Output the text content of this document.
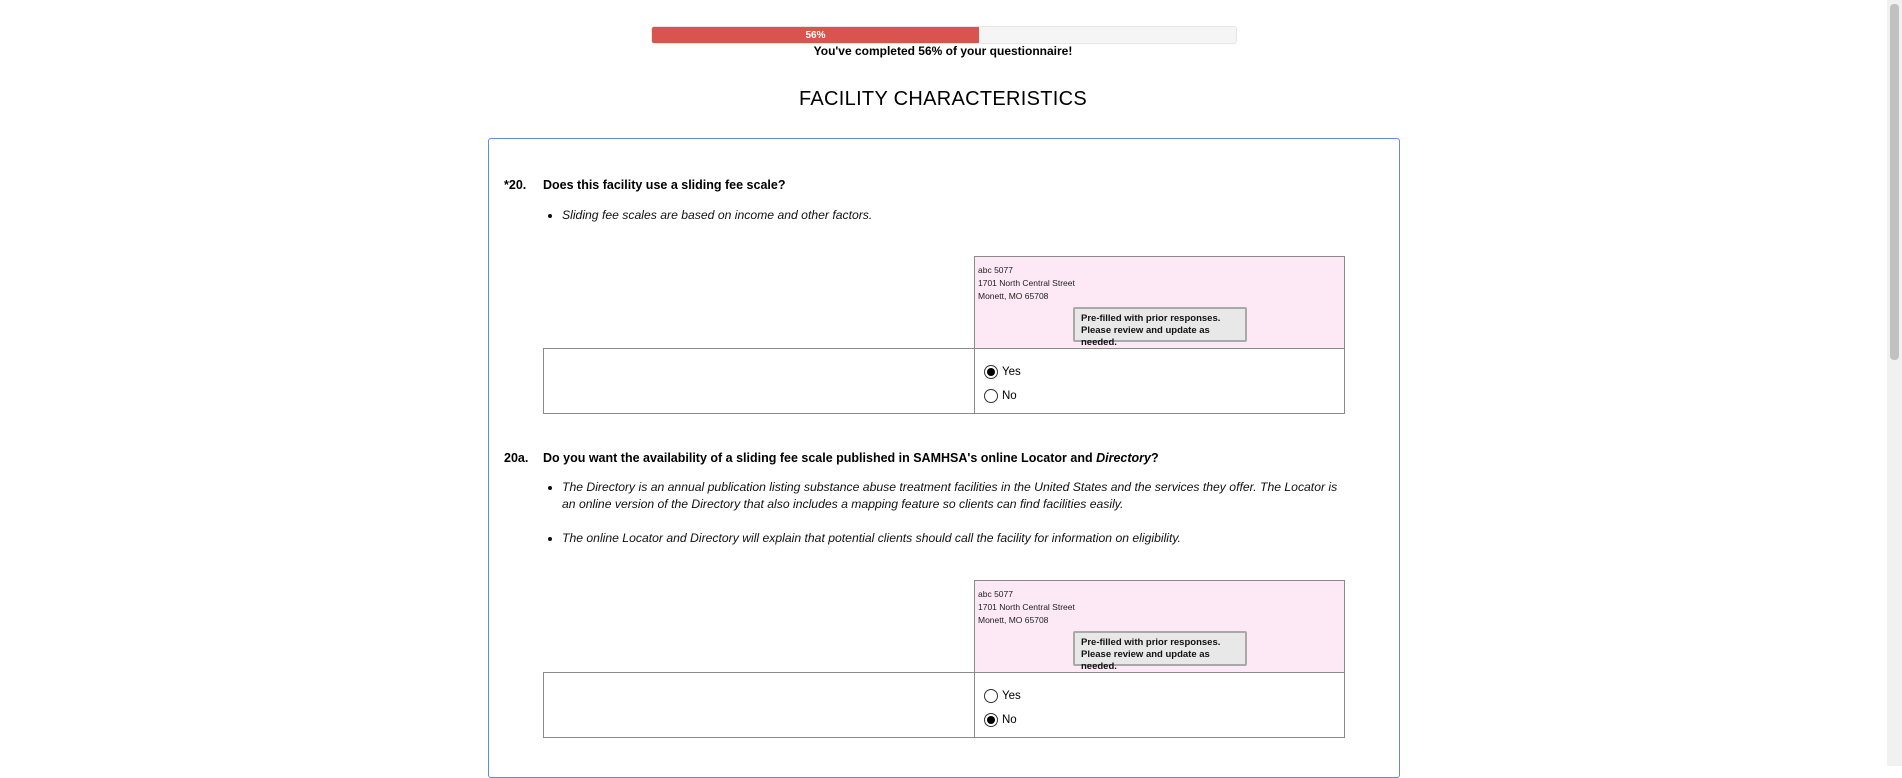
56%
You've completed 56% of your questionnaire!
FACILITY CHARACTERISTICS
*20.	Does this facility use a sliding fee scale?
• Sliding fee scales are based on income and other factors.
abc 5077
1701 North Central Street
Monett, MO 65708
Pre-filled with prior responses.
Please review and update as needed.
Yes
No
20a.	Do you want the availability of a sliding fee scale published in SAMHSA's online Locator and Directory?
• The Directory is an annual publication listing substance abuse treatment facilities in the United States and the services they offer. The Locator is an online version of the Directory that also includes a mapping feature so clients can find facilities easily.
• The online Locator and Directory will explain that potential clients should call the facility for information on eligibility.
abc 5077
1701 North Central Street
Monett, MO 65708
Pre-filled with prior responses.
Please review and update as needed.
Yes
No
